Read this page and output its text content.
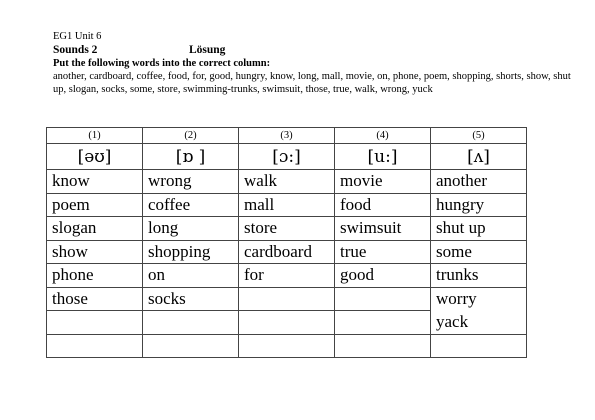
EG1 Unit 6
Sounds 2	Lösung
Put the following words into the correct column:
another, cardboard, coffee, food, for, good, hungry, know, long, mall, movie, on, phone, poem, shopping, shorts, show, shut up, slogan, socks, some, store, swimming-trunks, swimsuit, those, true, walk, wrong, yuck
(1)	(2)	(3)	(4)	(5)
[əʊ]	[ɒ ]	[ɔ:]	[u:]	[ʌ]
know	wrong	walk	movie	another
poem	coffee	mall	food	hungry
slogan	long	store	swimsuit	shut up
show	shopping	cardboard	true	some
phone	on	for	good	trunks
those	socks			worry
				yack
